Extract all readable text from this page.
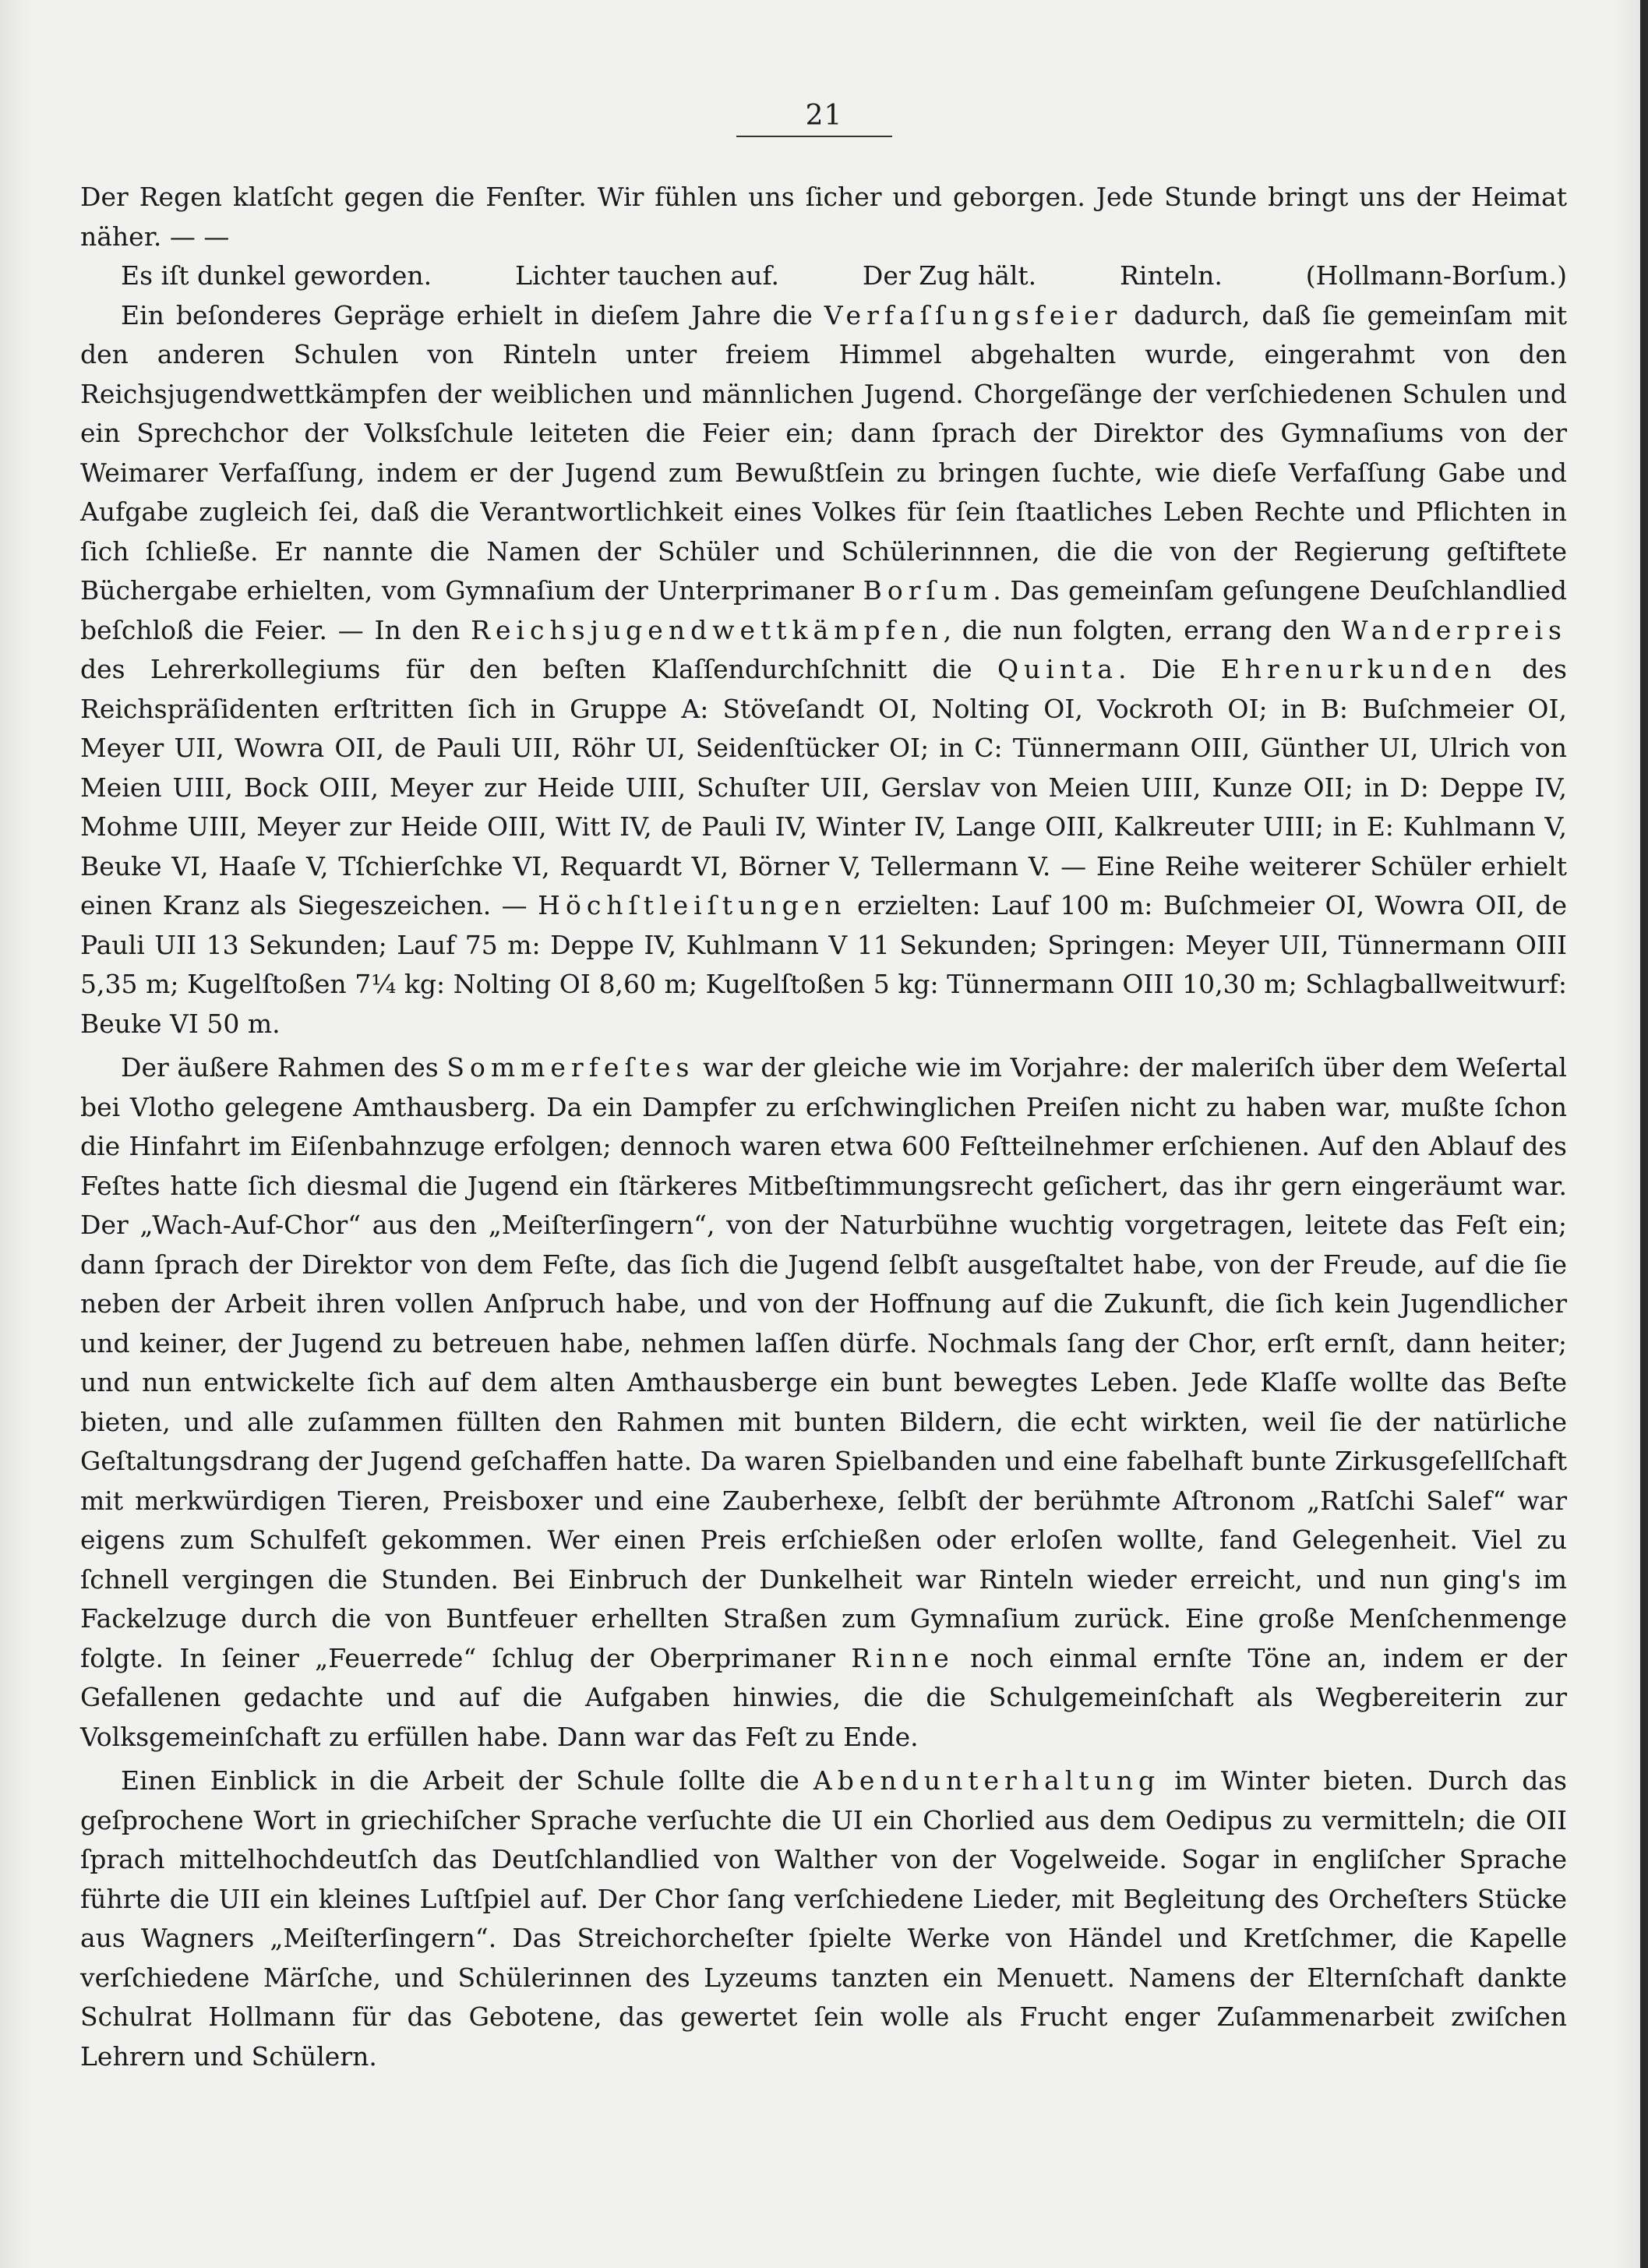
21

Der Regen klatſcht gegen die Fenſter. Wir fühlen uns ſicher und geborgen. Jede Stunde bringt uns der Heimat näher. — —

Es iſt dunkel geworden.	Lichter tauchen auf.	Der Zug hält.	Rinteln.	(Hollmann-Borſum.)

Ein beſonderes Gepräge erhielt in dieſem Jahre die Verfaſſungsfeier dadurch, daß ſie gemeinſam mit den anderen Schulen von Rinteln unter freiem Himmel abgehalten wurde, eingerahmt von den Reichsjugendwettkämpfen der weiblichen und männlichen Jugend. Chorgeſänge der verſchiedenen Schulen und ein Sprechchor der Volksſchule leiteten die Feier ein; dann ſprach der Direktor des Gymnaſiums von der Weimarer Verfaſſung, indem er der Jugend zum Bewußtſein zu bringen ſuchte, wie dieſe Verfaſſung Gabe und Aufgabe zugleich ſei, daß die Verantwortlichkeit eines Volkes für ſein ſtaatliches Leben Rechte und Pflichten in ſich ſchließe. Er nannte die Namen der Schüler und Schülerinnnen, die die von der Regierung geſtiftete Büchergabe erhielten, vom Gymnaſium der Unterprimaner Borſum. Das gemeinſam geſungene Deuſchlandlied beſchloß die Feier. — In den Reichsjugendwettkämpfen, die nun folgten, errang den Wanderpreis des Lehrerkollegiums für den beſten Klaſſendurchſchnitt die Quinta. Die Ehrenurkunden des Reichspräſidenten erſtritten ſich in Gruppe A: Stöveſandt OI, Nolting OI, Vockroth OI; in B: Buſchmeier OI, Meyer UII, Wowra OII, de Pauli UII, Röhr UI, Seidenſtücker OI; in C: Tünnermann OIII, Günther UI, Ulrich von Meien UIII, Bock OIII, Meyer zur Heide UIII, Schuſter UII, Gerslav von Meien UIII, Kunze OII; in D: Deppe IV, Mohme UIII, Meyer zur Heide OIII, Witt IV, de Pauli IV, Winter IV, Lange OIII, Kalkreuter UIII; in E: Kuhlmann V, Beuke VI, Haaſe V, Tſchierſchke VI, Requardt VI, Börner V, Tellermann V. — Eine Reihe weiterer Schüler erhielt einen Kranz als Siegeszeichen. — Höchſtleiſtungen erzielten: Lauf 100 m: Buſchmeier OI, Wowra OII, de Pauli UII 13 Sekunden; Lauf 75 m: Deppe IV, Kuhlmann V 11 Sekunden; Springen: Meyer UII, Tünnermann OIII 5,35 m; Kugelſtoßen 7¼ kg: Nolting OI 8,60 m; Kugelſtoßen 5 kg: Tünnermann OIII 10,30 m; Schlagballweitwurf: Beuke VI 50 m.

Der äußere Rahmen des Sommerfeſtes war der gleiche wie im Vorjahre: der maleriſch über dem Weſertal bei Vlotho gelegene Amthausberg. Da ein Dampfer zu erſchwinglichen Preiſen nicht zu haben war, mußte ſchon die Hinfahrt im Eiſenbahnzuge erfolgen; dennoch waren etwa 600 Feſtteilnehmer erſchienen. Auf den Ablauf des Feſtes hatte ſich diesmal die Jugend ein ſtärkeres Mitbeſtimmungsrecht geſichert, das ihr gern eingeräumt war. Der „Wach-Auf-Chor“ aus den „Meiſterſingern“, von der Naturbühne wuchtig vorgetragen, leitete das Feſt ein; dann ſprach der Direktor von dem Feſte, das ſich die Jugend ſelbſt ausgeſtaltet habe, von der Freude, auf die ſie neben der Arbeit ihren vollen Anſpruch habe, und von der Hoffnung auf die Zukunft, die ſich kein Jugendlicher und keiner, der Jugend zu betreuen habe, nehmen laſſen dürfe. Nochmals ſang der Chor, erſt ernſt, dann heiter; und nun entwickelte ſich auf dem alten Amthausberge ein bunt bewegtes Leben. Jede Klaſſe wollte das Beſte bieten, und alle zuſammen füllten den Rahmen mit bunten Bildern, die echt wirkten, weil ſie der natürliche Geſtaltungsdrang der Jugend geſchaffen hatte. Da waren Spielbanden und eine fabelhaft bunte Zirkusgeſellſchaft mit merkwürdigen Tieren, Preisboxer und eine Zauberhexe, ſelbſt der berühmte Aſtronom „Ratſchi Salef“ war eigens zum Schulfeſt gekommen. Wer einen Preis erſchießen oder erloſen wollte, fand Gelegenheit. Viel zu ſchnell vergingen die Stunden. Bei Einbruch der Dunkelheit war Rinteln wieder erreicht, und nun ging's im Fackelzuge durch die von Buntfeuer erhellten Straßen zum Gymnaſium zurück. Eine große Menſchenmenge folgte. In ſeiner „Feuerrede“ ſchlug der Oberprimaner Rinne noch einmal ernſte Töne an, indem er der Gefallenen gedachte und auf die Aufgaben hinwies, die die Schulgemeinſchaft als Wegbereiterin zur Volksgemeinſchaft zu erfüllen habe. Dann war das Feſt zu Ende.

Einen Einblick in die Arbeit der Schule ſollte die Abendunterhaltung im Winter bieten. Durch das geſprochene Wort in griechiſcher Sprache verſuchte die UI ein Chorlied aus dem Oedipus zu vermitteln; die OII ſprach mittelhochdeutſch das Deutſchlandlied von Walther von der Vogelweide. Sogar in engliſcher Sprache führte die UII ein kleines Luſtſpiel auf. Der Chor ſang verſchiedene Lieder, mit Begleitung des Orcheſters Stücke aus Wagners „Meiſterſingern“. Das Streichorcheſter ſpielte Werke von Händel und Kretſchmer, die Kapelle verſchiedene Märſche, und Schülerinnen des Lyzeums tanzten ein Menuett. Namens der Elternſchaft dankte Schulrat Hollmann für das Gebotene, das gewertet ſein wolle als Frucht enger Zuſammenarbeit zwiſchen Lehrern und Schülern.
